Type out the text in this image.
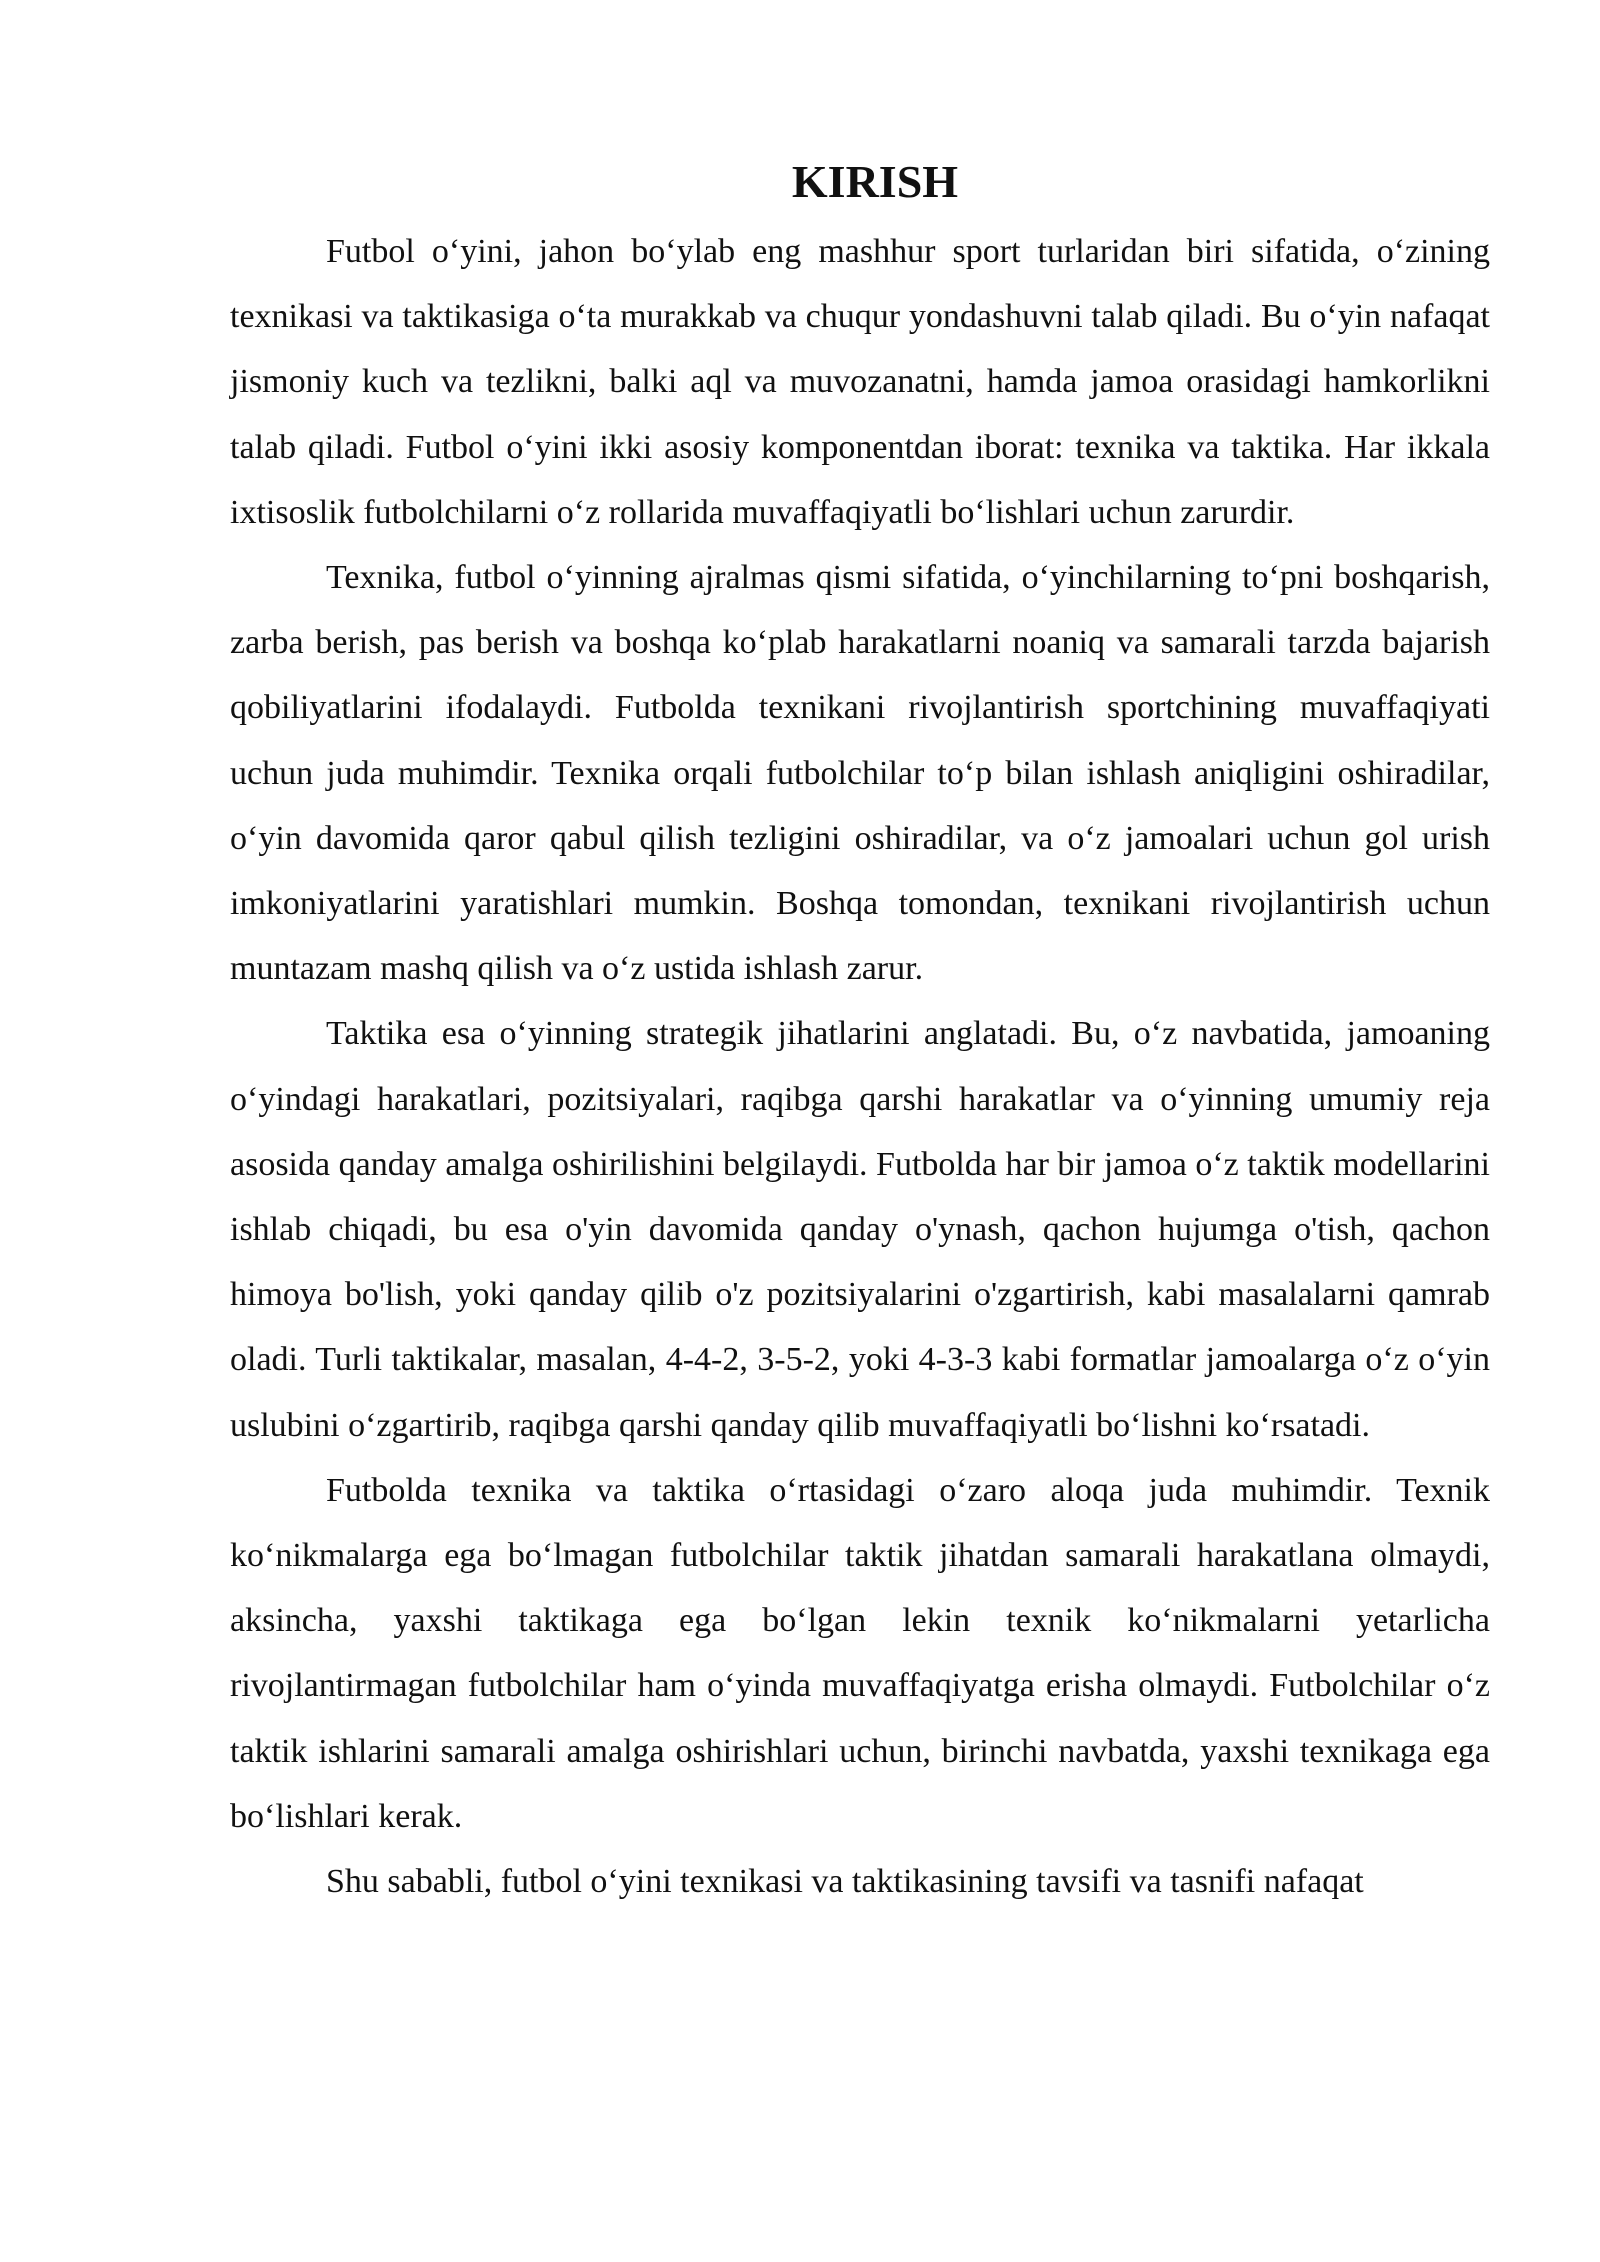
KIRISH

Futbol o‘yini, jahon bo‘ylab eng mashhur sport turlaridan biri sifatida, o‘zining texnikasi va taktikasiga o‘ta murakkab va chuqur yondashuvni talab qiladi. Bu o‘yin nafaqat jismoniy kuch va tezlikni, balki aql va muvozanatni, hamda jamoa orasidagi hamkorlikni talab qiladi. Futbol o‘yini ikki asosiy komponentdan iborat: texnika va taktika. Har ikkala ixtisoslik futbolchilarni o‘z rollarida muvaffaqiyatli bo‘lishlari uchun zarurdir.

Texnika, futbol o‘yinning ajralmas qismi sifatida, o‘yinchilarning to‘pni boshqarish, zarba berish, pas berish va boshqa ko‘plab harakatlarni noaniq va samarali tarzda bajarish qobiliyatlarini ifodalaydi. Futbolda texnikani rivojlantirish sportchining muvaffaqiyati uchun juda muhimdir. Texnika orqali futbolchilar to‘p bilan ishlash aniqligini oshiradilar, o‘yin davomida qaror qabul qilish tezligini oshiradilar, va o‘z jamoalari uchun gol urish imkoniyatlarini yaratishlari mumkin. Boshqa tomondan, texnikani rivojlantirish uchun muntazam mashq qilish va o‘z ustida ishlash zarur.

Taktika esa o‘yinning strategik jihatlarini anglatadi. Bu, o‘z navbatida, jamoaning o‘yindagi harakatlari, pozitsiyalari, raqibga qarshi harakatlar va o‘yinning umumiy reja asosida qanday amalga oshirilishini belgilaydi. Futbolda har bir jamoa o‘z taktik modellarini ishlab chiqadi, bu esa o'yin davomida qanday o'ynash, qachon hujumga o'tish, qachon himoya bo'lish, yoki qanday qilib o'z pozitsiyalarini o'zgartirish, kabi masalalarni qamrab oladi. Turli taktikalar, masalan, 4-4-2, 3-5-2, yoki 4-3-3 kabi formatlar jamoalarga o‘z o‘yin uslubini o‘zgartirib, raqibga qarshi qanday qilib muvaffaqiyatli bo‘lishni ko‘rsatadi.

Futbolda texnika va taktika o‘rtasidagi o‘zaro aloqa juda muhimdir. Texnik ko‘nikmalarga ega bo‘lmagan futbolchilar taktik jihatdan samarali harakatlana olmaydi, aksincha, yaxshi taktikaga ega bo‘lgan lekin texnik ko‘nikmalarni yetarlicha rivojlantirmagan futbolchilar ham o‘yinda muvaffaqiyatga erisha olmaydi. Futbolchilar o‘z taktik ishlarini samarali amalga oshirishlari uchun, birinchi navbatda, yaxshi texnikaga ega bo‘lishlari kerak.

Shu sababli, futbol o‘yini texnikasi va taktikasining tavsifi va tasnifi nafaqat
